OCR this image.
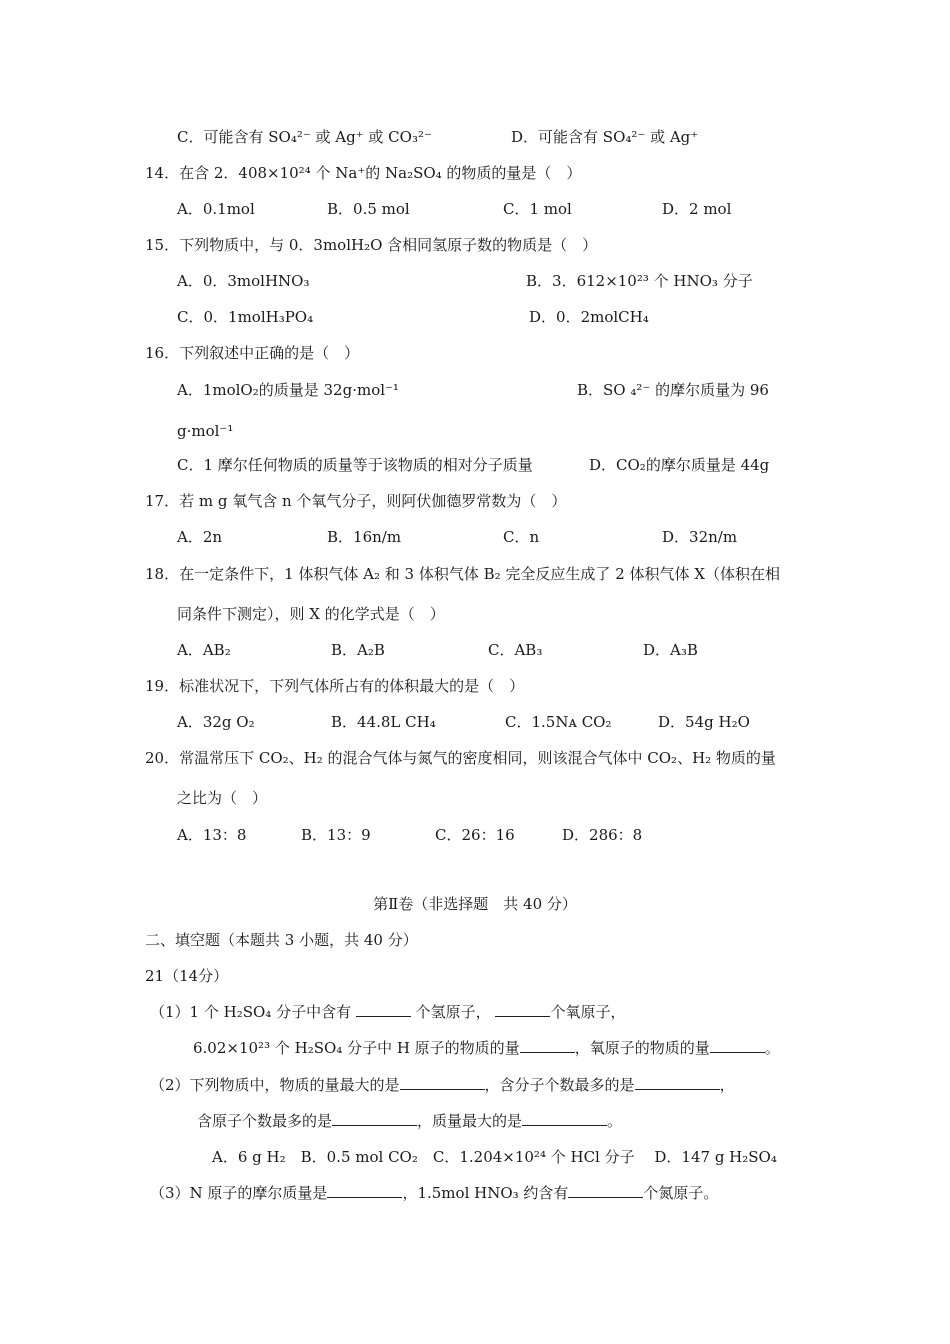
C．可能含有 SO₄²⁻ 或 Ag⁺ 或 CO₃²⁻	D．可能含有 SO₄²⁻ 或 Ag⁺
14．在含 2．408×10²⁴ 个 Na⁺的 Na₂SO₄ 的物质的量是（　）
A．0.1mol	B．0.5 mol	C．1 mol	D．2 mol
15．下列物质中，与 0．3molH₂O 含相同氢原子数的物质是（　）
A．0．3molHNO₃	B．3．612×10²³ 个 HNO₃ 分子
C．0．1molH₃PO₄	D．0．2molCH₄
16．下列叙述中正确的是（　）
A．1molO₂的质量是 32g·mol⁻¹	B．SO ₄²⁻ 的摩尔质量为 96
g·mol⁻¹
C．1 摩尔任何物质的质量等于该物质的相对分子质量	D．CO₂的摩尔质量是 44g
17．若 m g 氧气含 n 个氧气分子，则阿伏伽德罗常数为（　）
A．2n	B．16n/m	C．n	D．32n/m
18．在一定条件下，1 体积气体 A₂ 和 3 体积气体 B₂ 完全反应生成了 2 体积气体 X（体积在相
同条件下测定），则 X 的化学式是（　）
A．AB₂	B．A₂B	C．AB₃	D．A₃B
19．标准状况下，下列气体所占有的体积最大的是（　）
A．32g O₂	B．44.8L CH₄	C．1.5Nᴀ CO₂	D．54g H₂O
20．常温常压下 CO₂、H₂ 的混合气体与氮气的密度相同，则该混合气体中 CO₂、H₂ 物质的量
之比为（　）
A．13：8	B．13：9	C．26：16	D．286：8
第Ⅱ卷（非选择题　共 40 分）
二、填空题（本题共 3 小题，共 40 分）
21（14分）
（1）1 个 H₂SO₄ 分子中含有	个氢原子，	个氧原子，
6.02×10²³ 个 H₂SO₄ 分子中 H 原子的物质的量	，氧原子的物质的量	。
（2）下列物质中，物质的量最大的是	，含分子个数最多的是	，
含原子个数最多的是	，质量最大的是	。
A．6 g H₂　B．0.5 mol CO₂　C．1.204×10²⁴ 个 HCl 分子　 D．147 g H₂SO₄
（3）N 原子的摩尔质量是	，1.5mol HNO₃ 约含有	个氮原子。
